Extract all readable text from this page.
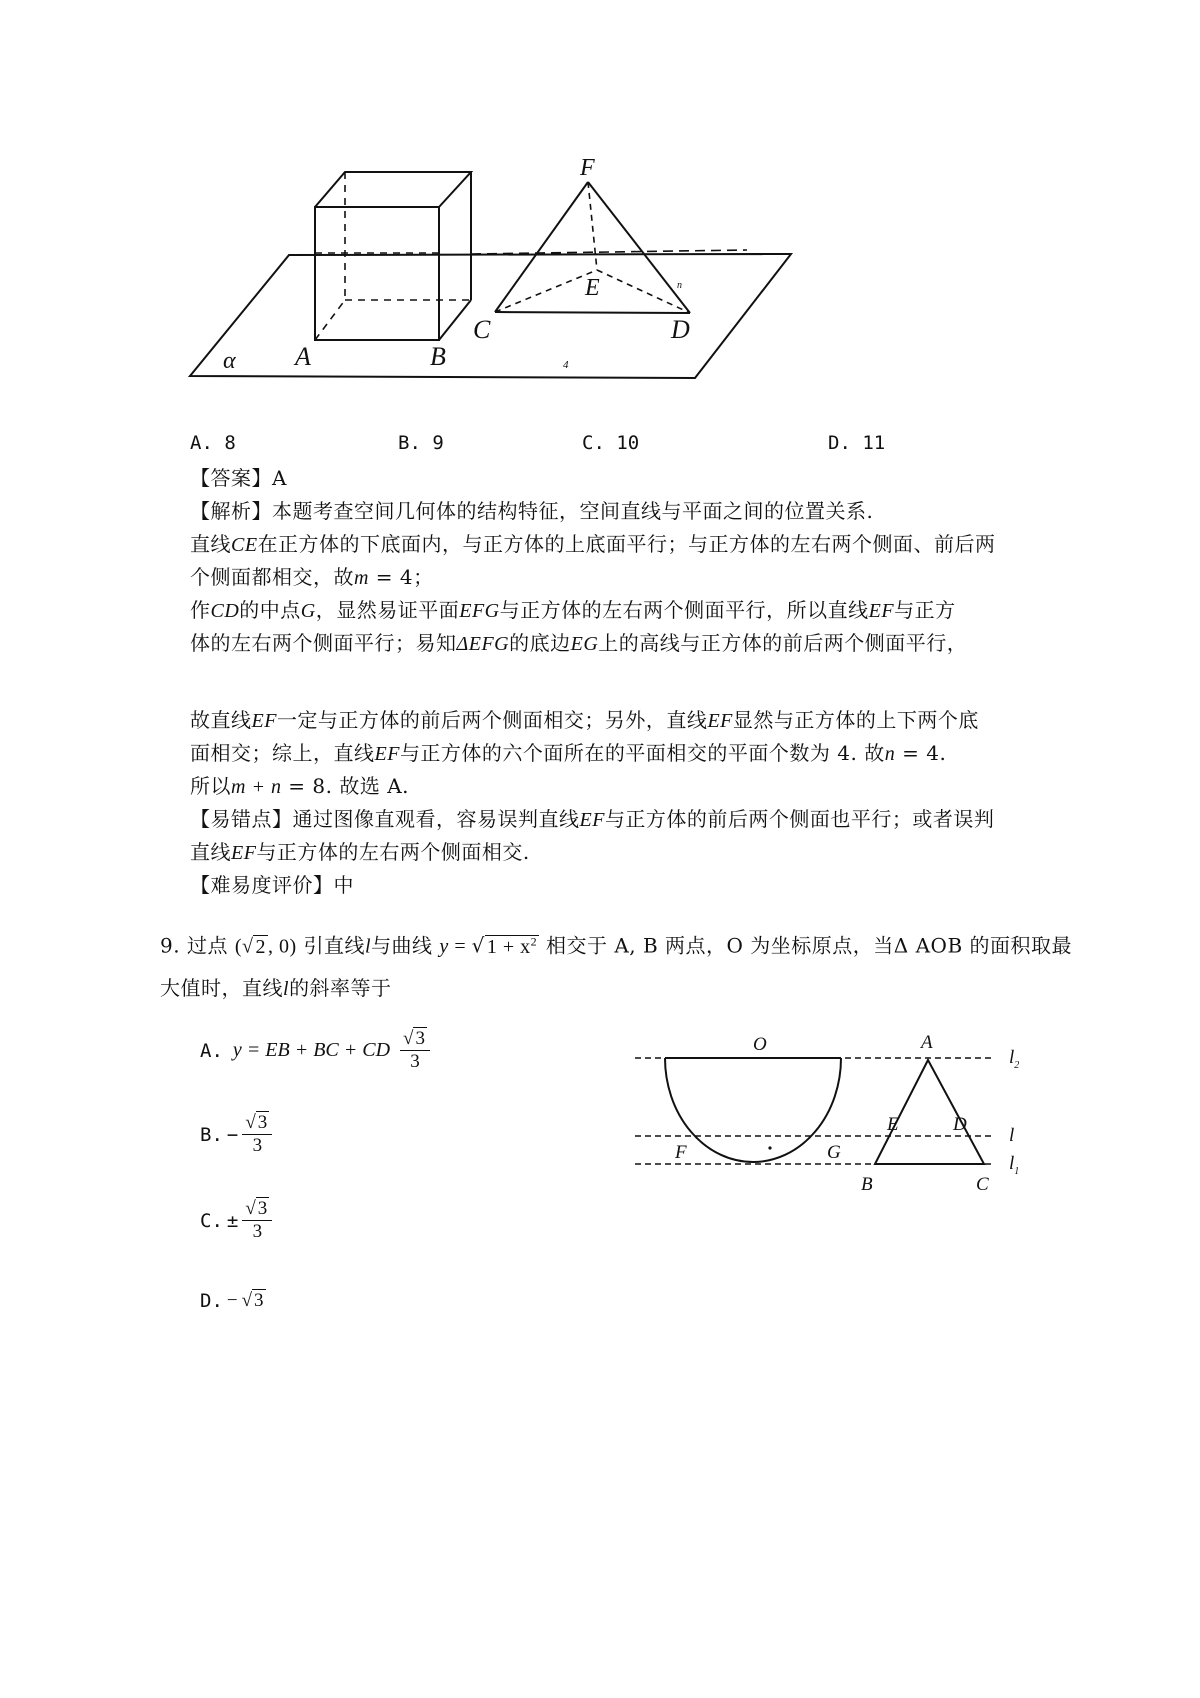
F
E
C	D
n
A	B
α	4
A. 8	B. 9	C. 10	D. 11
【答案】A
【解析】本题考查空间几何体的结构特征，空间直线与平面之间的位置关系.
直线CE在正方体的下底面内，与正方体的上底面平行；与正方体的左右两个侧面、前后两
个侧面都相交，故m = 4；
作CD的中点G，显然易证平面EFG与正方体的左右两个侧面平行，所以直线EF与正方
体的左右两个侧面平行；易知ΔEFG的底边EG上的高线与正方体的前后两个侧面平行，
故直线EF一定与正方体的前后两个侧面相交；另外，直线EF显然与正方体的上下两个底
面相交；综上，直线EF与正方体的六个面所在的平面相交的平面个数为 4. 故n = 4.
所以m + n = 8. 故选 A.
【易错点】通过图像直观看，容易误判直线EF与正方体的前后两个侧面也平行；或者误判
直线EF与正方体的左右两个侧面相交.
【难易度评价】中
9. 过点 (√ 2 , 0) 引直线l与曲线 y = √ $1 + x^2$ 相交于 A, B 两点，O 为坐标原点，当Δ AOB 的面积取最
大值时，直线l的斜率等于
A. y = EB + BC + CD $\frac{√ 3}{3}$
B. − $\frac{√ 3}{3}$
C. ± $\frac{√ 3}{3}$
D. − √ 3
O	A
E	D
F	G
B	C
$l_2$
l
$l_1$
